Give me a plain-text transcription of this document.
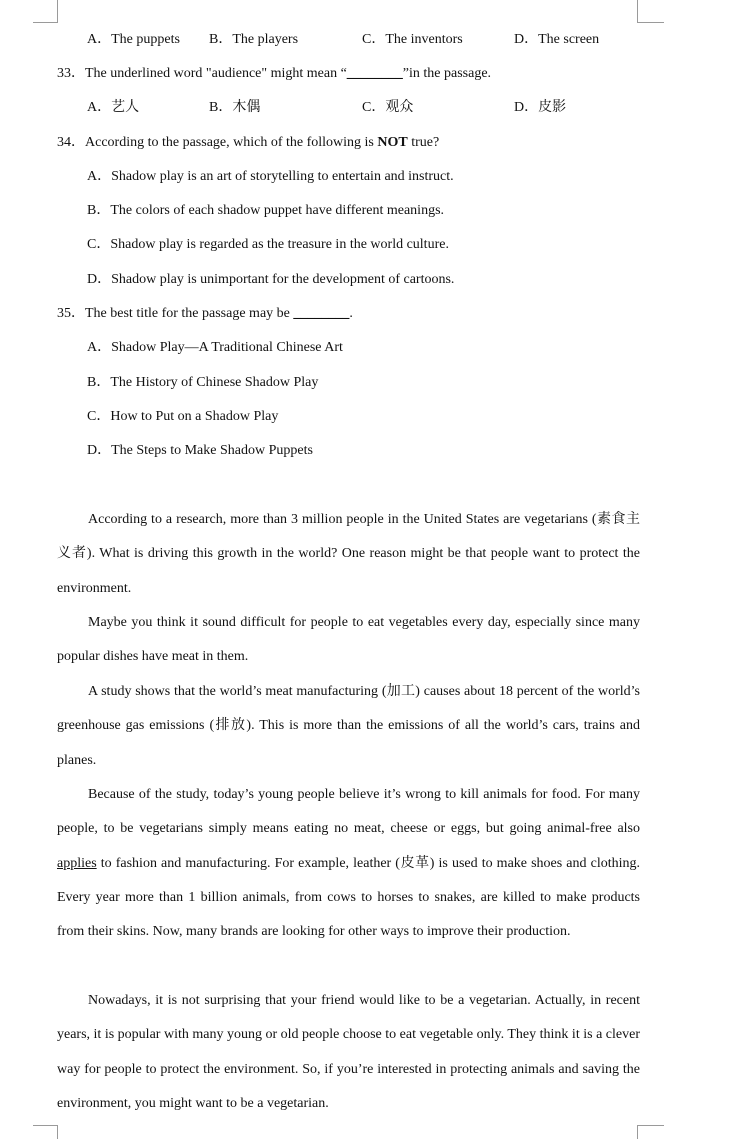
A．The puppets B．The players	C．The inventors	D．The screen
33．The underlined word "audience" might mean “________”in the passage.
A．艺人	B．木偶	C．观众	D．皮影
34．According to the passage, which of the following is NOT true?
A．Shadow play is an art of storytelling to entertain and instruct.
B．The colors of each shadow puppet have different meanings.
C．Shadow play is regarded as the treasure in the world culture.
D．Shadow play is unimportant for the development of cartoons.
35．The best title for the passage may be ________.
A．Shadow Play—A Traditional Chinese Art
B．The History of Chinese Shadow Play
C．How to Put on a Shadow Play
D．The Steps to Make Shadow Puppets

According to a research, more than 3 million people in the United States are vegetarians (素食主义者). What is driving this growth in the world? One reason might be that people want to protect the environment.

Maybe you think it sound difficult for people to eat vegetables every day, especially since many popular dishes have meat in them.

A study shows that the world’s meat manufacturing (加工) causes about 18 percent of the world’s greenhouse gas emissions (排放). This is more than the emissions of all the world’s cars, trains and planes.

Because of the study, today’s young people believe it’s wrong to kill animals for food. For many people, to be vegetarians simply means eating no meat, cheese or eggs, but going animal-free also applies to fashion and manufacturing. For example, leather (皮革) is used to make shoes and clothing. Every year more than 1 billion animals, from cows to horses to snakes, are killed to make products from their skins. Now, many brands are looking for other ways to improve their production.

Nowadays, it is not surprising that your friend would like to be a vegetarian. Actually, in recent years, it is popular with many young or old people choose to eat vegetable only. They think it is a clever way for people to protect the environment. So, if you’re interested in protecting animals and saving the environment, you might want to be a vegetarian.
